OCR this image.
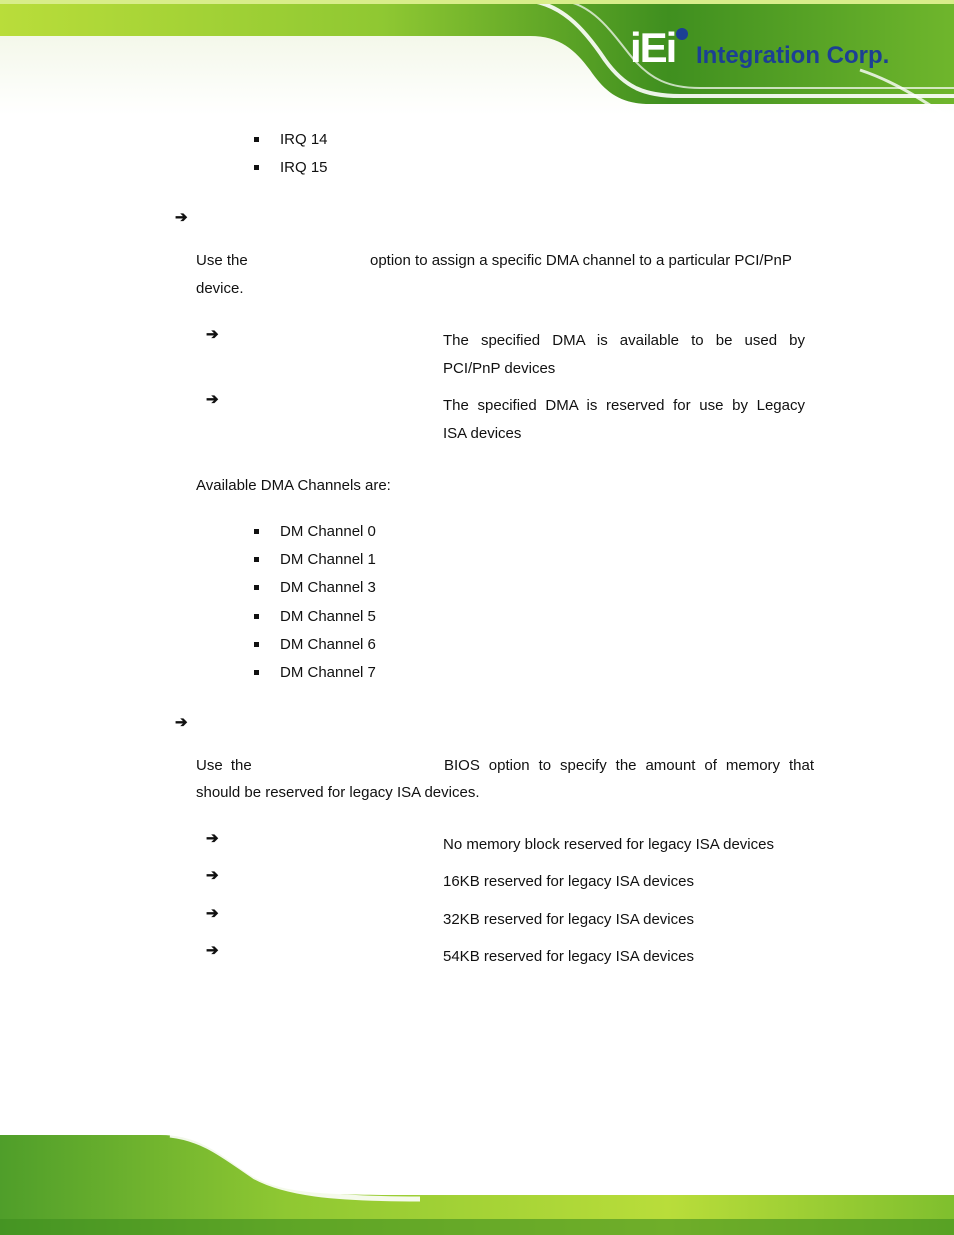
iEi Integration Corp.
IRQ 14
IRQ 15
➔
Use the	option to assign a specific DMA channel to a particular PCI/PnP
device.
➔	The specified DMA is available to be used by
PCI/PnP devices
➔	The specified DMA is reserved for use by Legacy
ISA devices
Available DMA Channels are:
DM Channel 0
DM Channel 1
DM Channel 3
DM Channel 5
DM Channel 6
DM Channel 7
➔
Use the	BIOS option to specify the amount of memory that
should be reserved for legacy ISA devices.
➔	No memory block reserved for legacy ISA devices
➔	16KB reserved for legacy ISA devices
➔	32KB reserved for legacy ISA devices
➔	54KB reserved for legacy ISA devices
